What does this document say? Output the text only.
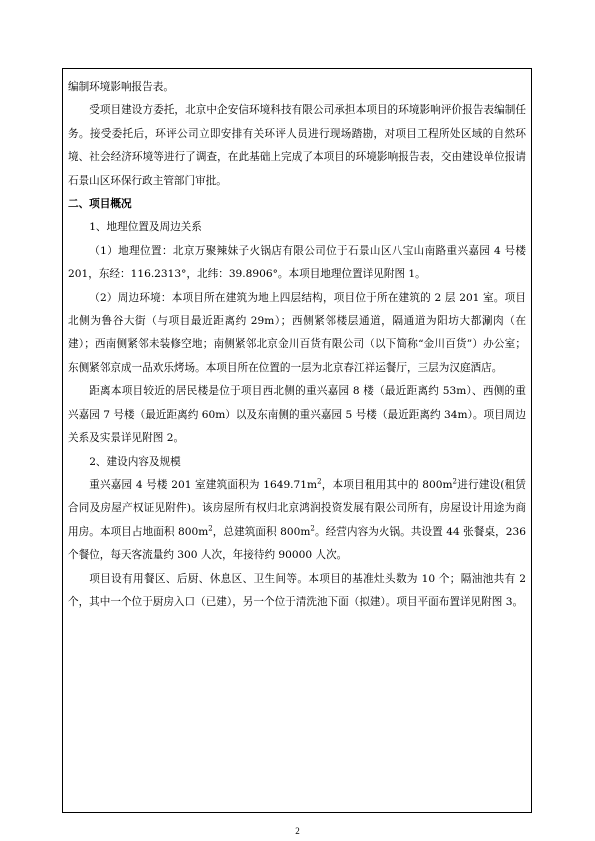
编制环境影响报告表。

受项目建设方委托，北京中企安信环境科技有限公司承担本项目的环境影响评价报告表编制任务。接受委托后，环评公司立即安排有关环评人员进行现场踏勘，对项目工程所处区域的自然环境、社会经济环境等进行了调查，在此基础上完成了本项目的环境影响报告表，交由建设单位报请石景山区环保行政主管部门审批。

二、项目概况

1、地理位置及周边关系

（1）地理位置：北京万聚辣妹子火锅店有限公司位于石景山区八宝山南路重兴嘉园 4 号楼 201，东经：116.2313°，北纬：39.8906°。本项目地理位置详见附图 1。

（2）周边环境：本项目所在建筑为地上四层结构，项目位于所在建筑的 2 层 201 室。项目北侧为鲁谷大街（与项目最近距离约 29m）；西侧紧邻楼层通道，隔通道为阳坊大都涮肉（在建）；西南侧紧邻未装修空地；南侧紧邻北京金川百货有限公司（以下简称“金川百货”）办公室；东侧紧邻京成一品欢乐烤场。本项目所在位置的一层为北京春江祥运餐厅，三层为汉庭酒店。

距离本项目较近的居民楼是位于项目西北侧的重兴嘉园 8 楼（最近距离约 53m）、西侧的重兴嘉园 7 号楼（最近距离约 60m）以及东南侧的重兴嘉园 5 号楼（最近距离约 34m）。项目周边关系及实景详见附图 2。

2、建设内容及规模

重兴嘉园 4 号楼 201 室建筑面积为 $1649.71m^2$，本项目租用其中的 $800m^2$进行建设(租赁合同及房屋产权证见附件)。该房屋所有权归北京鸿润投资发展有限公司所有，房屋设计用途为商用房。本项目占地面积 $800m^2$，总建筑面积 $800m^2$。经营内容为火锅。共设置 44 张餐桌，236 个餐位，每天客流量约 300 人次，年接待约 90000 人次。

项目设有用餐区、后厨、休息区、卫生间等。本项目的基准灶头数为 10 个；隔油池共有 2 个，其中一个位于厨房入口（已建），另一个位于清洗池下面（拟建）。项目平面布置详见附图 3。

2
